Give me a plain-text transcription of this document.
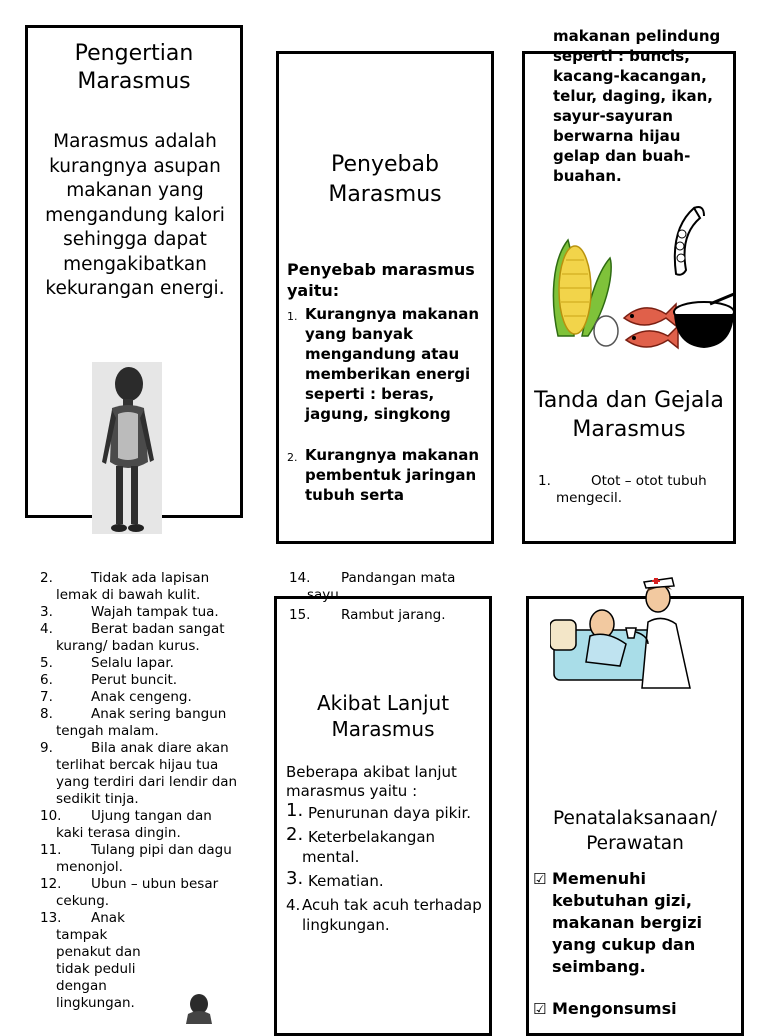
Pengertian Marasmus
Marasmus adalah kurangnya asupan makanan yang mengandung kalori sehingga dapat mengakibatkan kekurangan energi.
Penyebab Marasmus
Penyebab marasmus yaitu:
1. Kurangnya makanan yang banyak mengandung atau memberikan energi seperti : beras, jagung, singkong
2. Kurangnya makanan pembentuk jaringan tubuh serta
makanan pelindung seperti : buncis, kacang-kacangan, telur, daging, ikan, sayur-sayuran berwarna hijau gelap dan buah-buahan.
Tanda dan Gejala Marasmus
1.	Otot – otot tubuh mengecil.
2.	Tidak ada lapisan lemak di bawah kulit.
3.	Wajah tampak tua.
4.	Berat badan sangat kurang/ badan kurus.
5.	Selalu lapar.
6.	Perut buncit.
7.	Anak cengeng.
8.	Anak sering bangun tengah malam.
9.	Bila anak diare akan terlihat bercak hijau tua yang terdiri dari lendir dan sedikit tinja.
10.	Ujung tangan dan kaki terasa dingin.
11.	Tulang pipi dan dagu menonjol.
12.	Ubun – ubun besar cekung.
13.	Anak tampak penakut dan tidak peduli dengan lingkungan.
14.	Pandangan mata sayu.
15.	Rambut jarang.
Akibat Lanjut Marasmus
Beberapa akibat lanjut marasmus yaitu :
1. Penurunan daya pikir.
2. Keterbelakangan mental.
3. Kematian.
4. Acuh tak acuh terhadap lingkungan.
Penatalaksanaan/ Perawatan
☑ Memenuhi kebutuhan gizi, makanan bergizi yang cukup dan seimbang.
☑ Mengonsumsi
